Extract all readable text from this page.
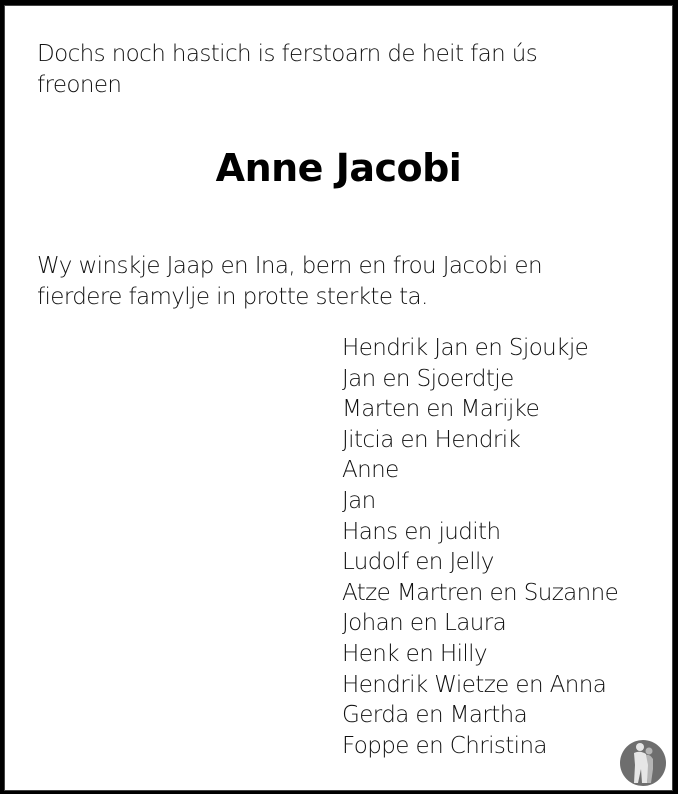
Dochs noch hastich is ferstoarn de heit fan ús freonen
Anne Jacobi
Wy winskje Jaap en Ina, bern en frou Jacobi en fierdere famylje in protte sterkte ta.
Hendrik Jan en Sjoukje
Jan en Sjoerdtje
Marten en Marijke
Jitcia en Hendrik
Anne
Jan
Hans en judith
Ludolf en Jelly
Atze Martren en Suzanne
Johan en Laura
Henk en Hilly
Hendrik Wietze en Anna
Gerda en Martha
Foppe en Christina
